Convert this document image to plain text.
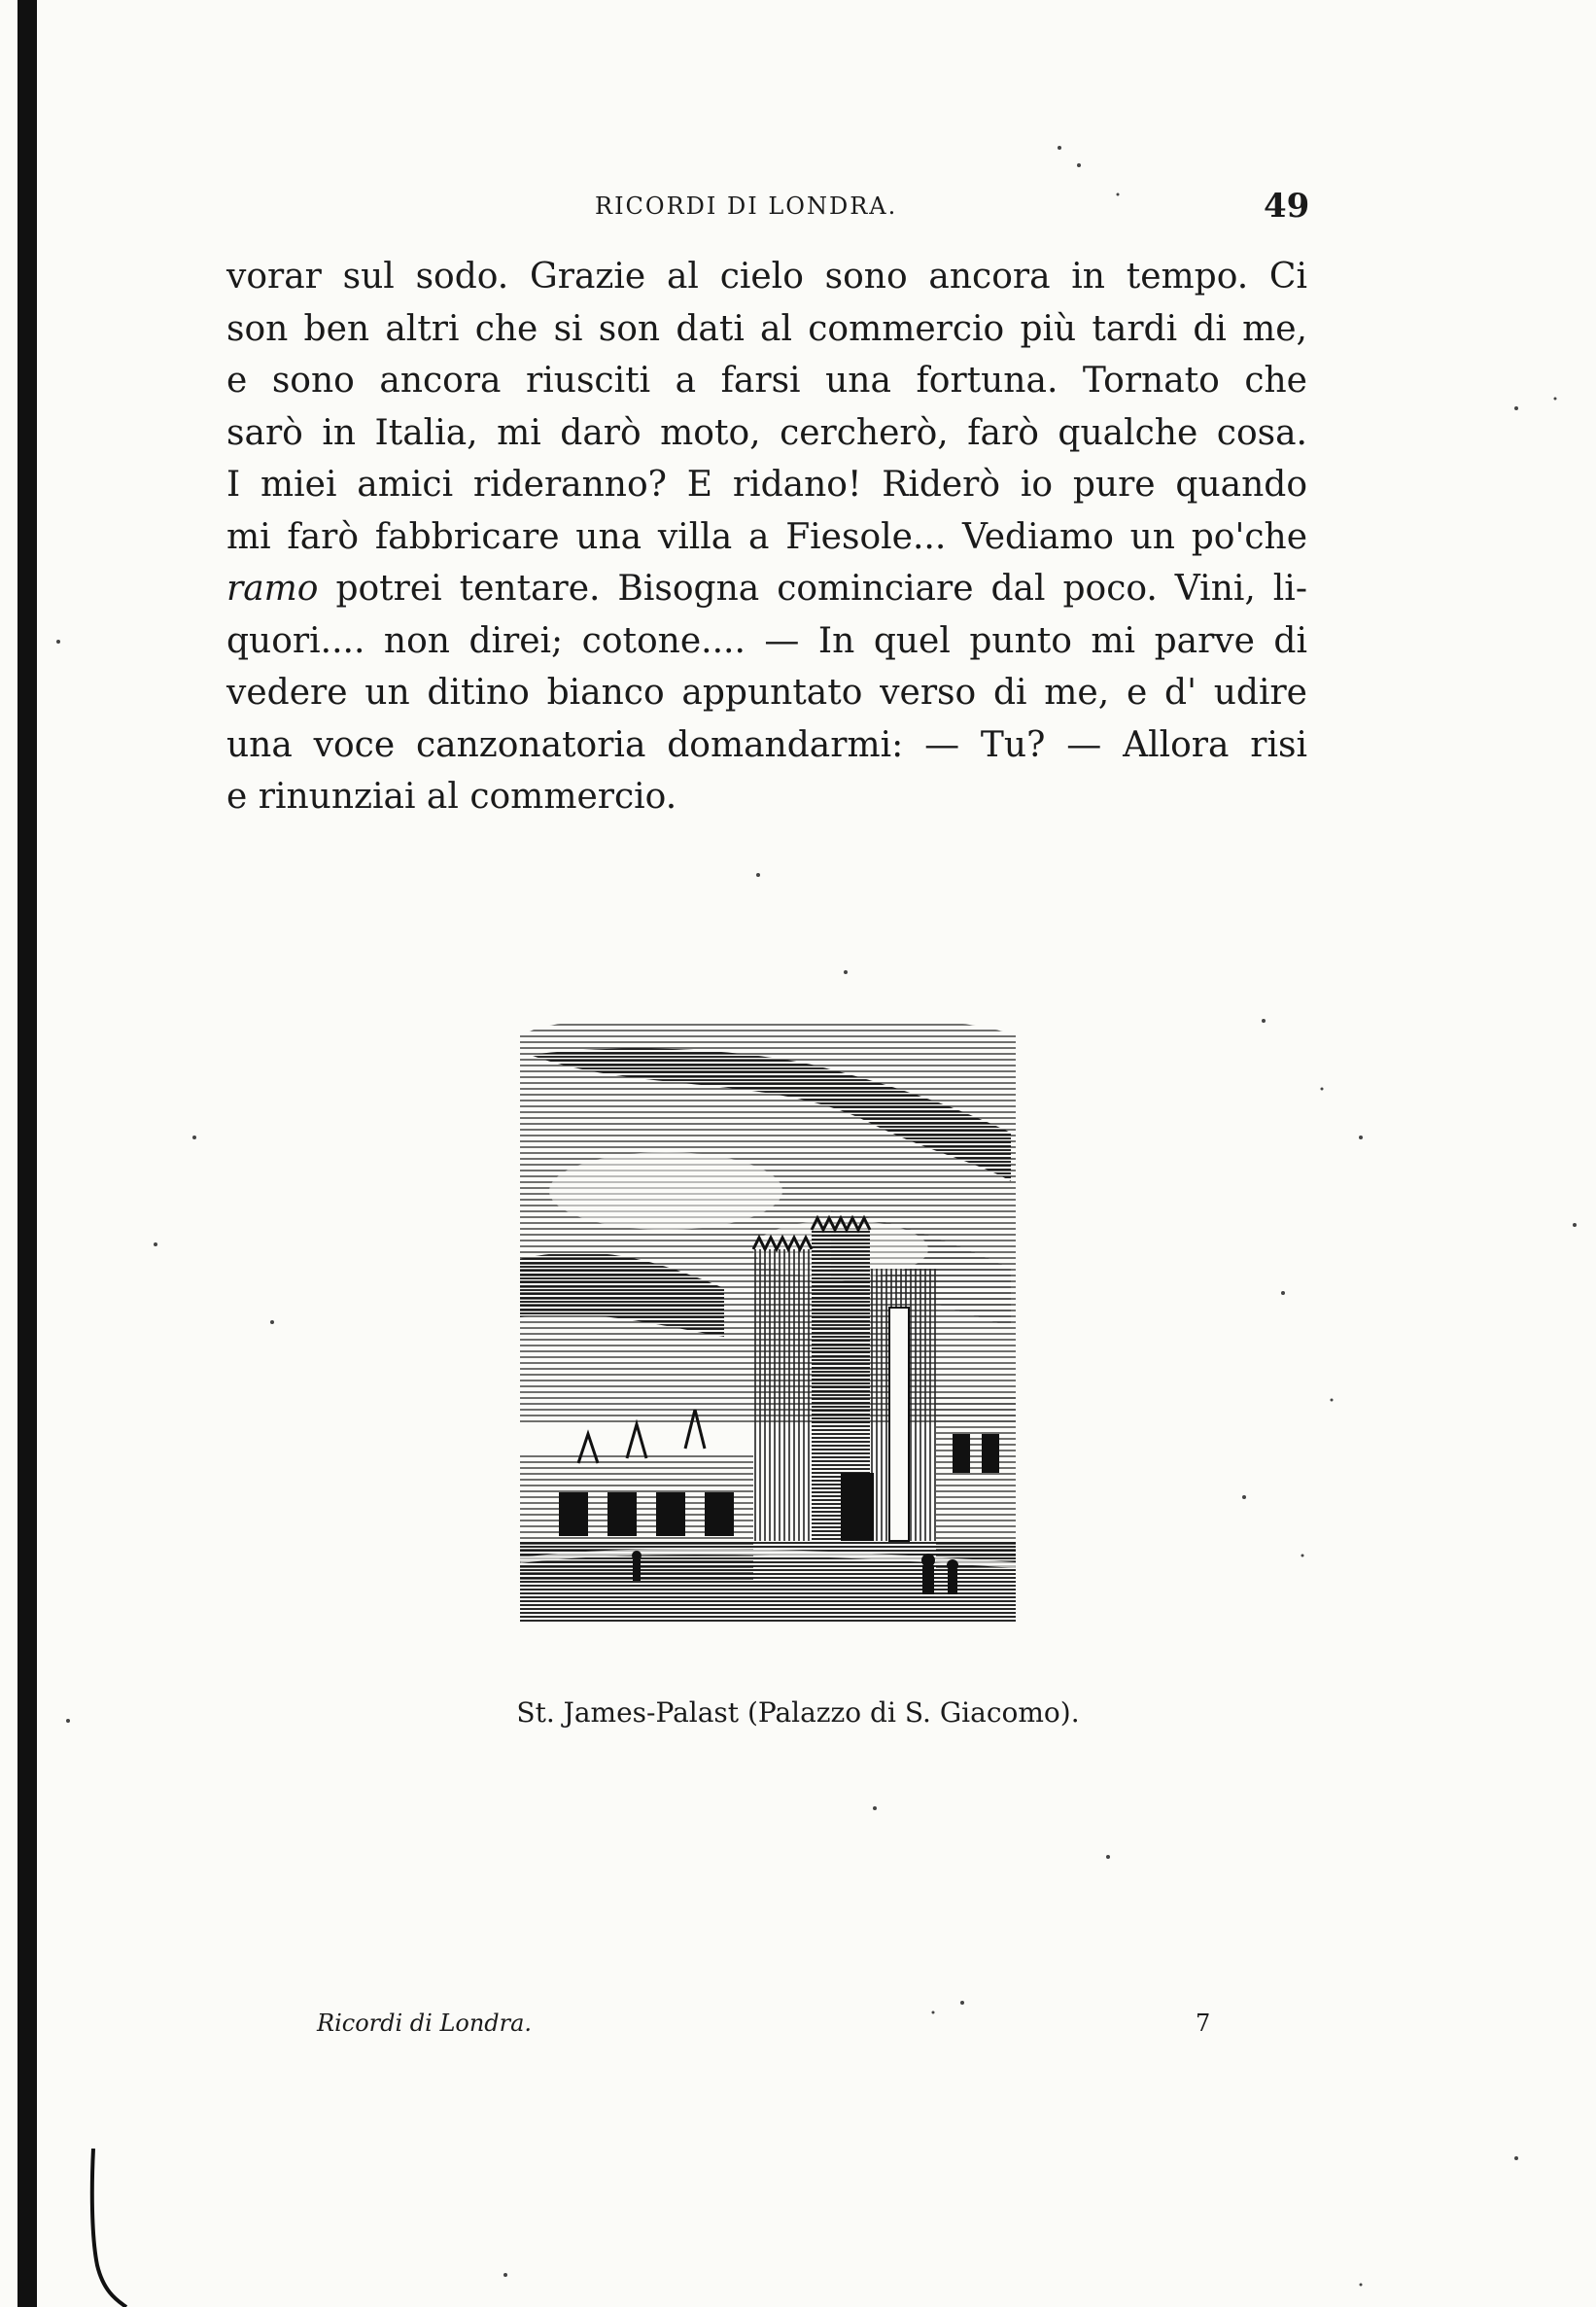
RICORDI DI LONDRA.	49
vorar sul sodo. Grazie al cielo sono ancora in tempo. Ci
son ben altri che si son dati al commercio più tardi di me,
e sono ancora riusciti a farsi una fortuna. Tornato che
sarò in Italia, mi darò moto, cercherò, farò qualche cosa.
I miei amici rideranno? E ridano! Riderò io pure quando
mi farò fabbricare una villa a Fiesole... Vediamo un po'che
ramo potrei tentare. Bisogna cominciare dal poco. Vini, li-
quori.... non direi; cotone.... — In quel punto mi parve di
vedere un ditino bianco appuntato verso di me, e d' udire
una voce canzonatoria domandarmi: — Tu? — Allora risi
e rinunziai al commercio.
St. James-Palast (Palazzo di S. Giacomo).
Ricordi di Londra.	7
